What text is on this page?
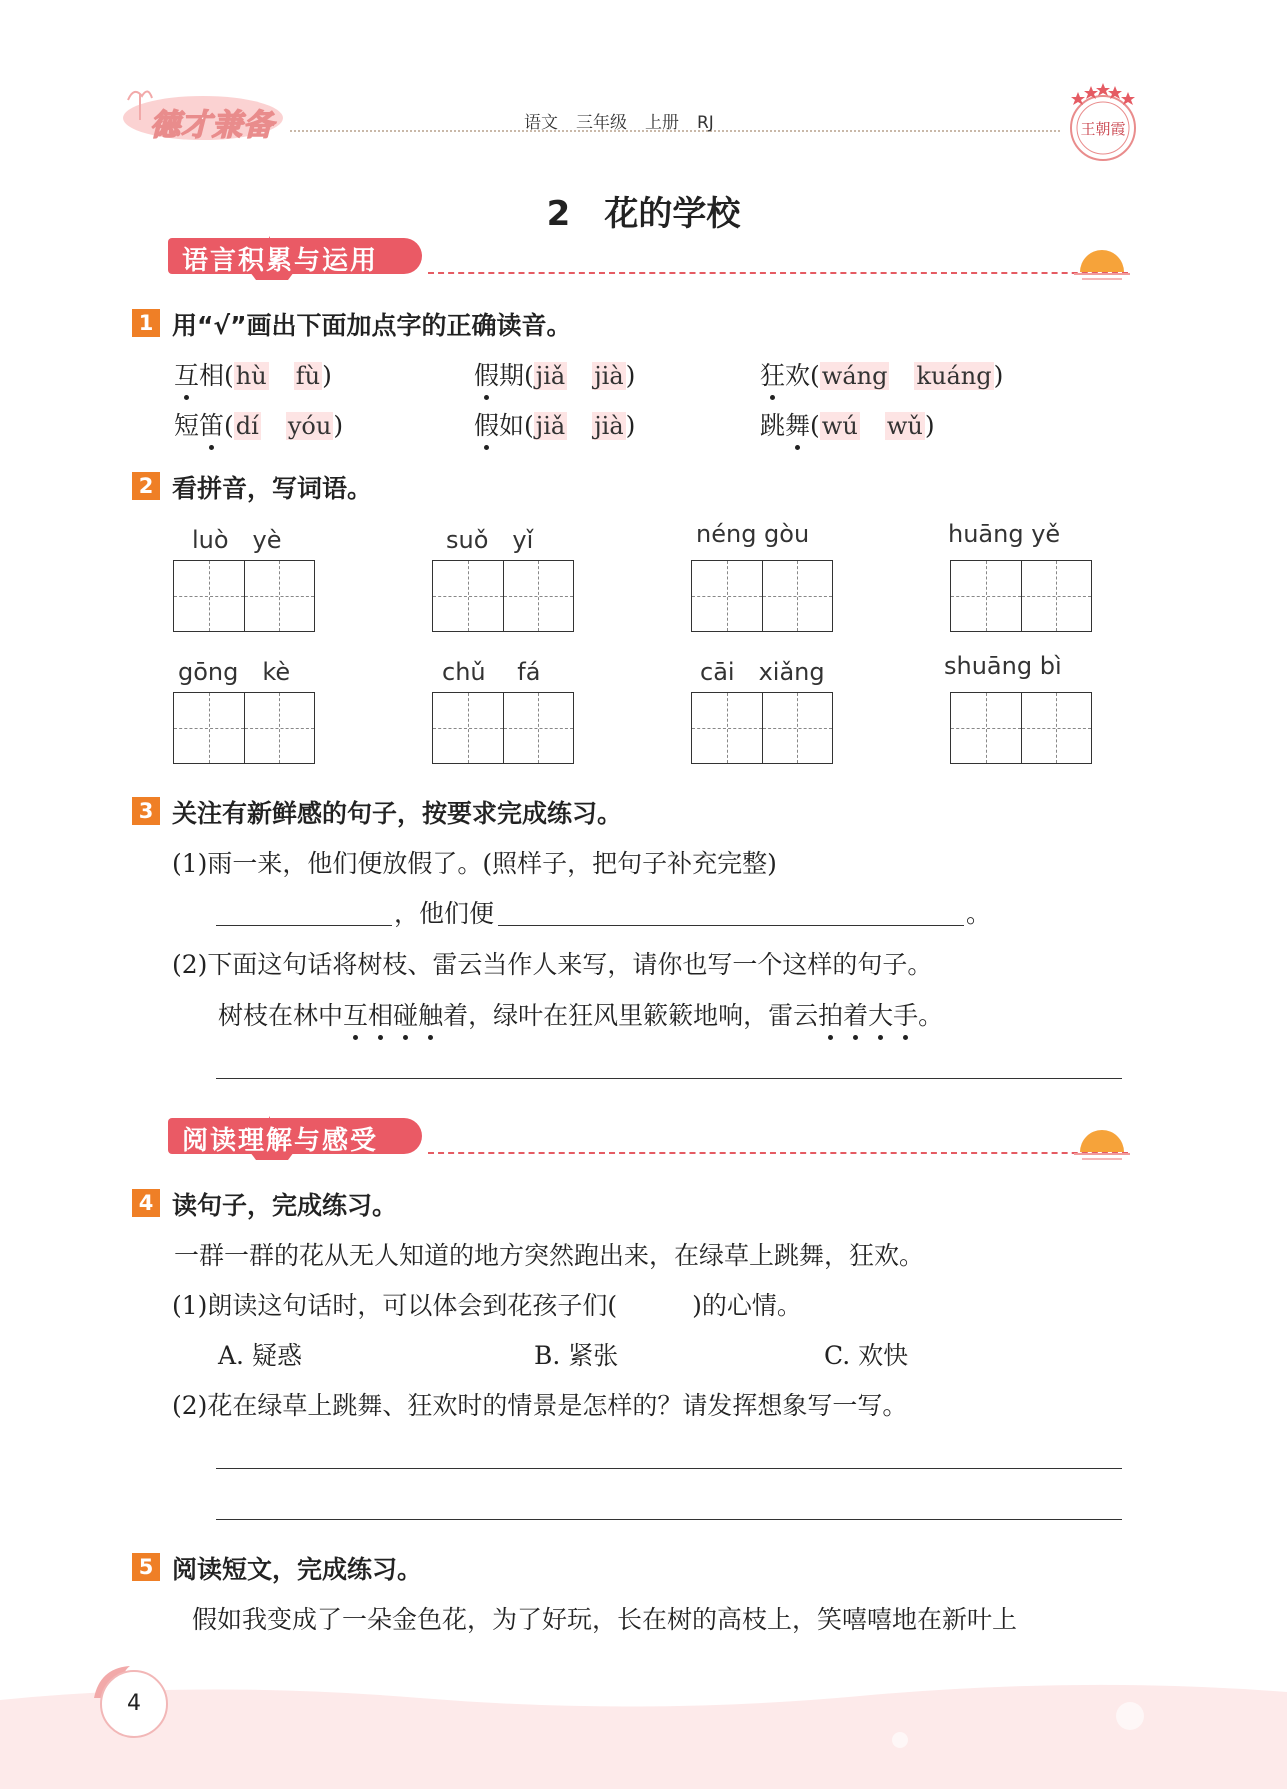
德才兼备	语文 三年级 上册 RJ	王朝霞
2　花的学校
语言积累与运用
1 用“√”画出下面加点字的正确读音。
互相(hù　 fù)	假期(jiǎ　 jià)	狂欢(wáng　 kuáng)
短笛(dí　 yóu)	假如(jiǎ　 jià)	跳舞(wú　 wǔ)
2 看拼音，写词语。
luò　yè	suǒ　yǐ	néng gòu	huāng yě
gōng　kè	chǔ　 fá	cāi　xiǎng	shuāng bì
3 关注有新鲜感的句子，按要求完成练习。
(1)雨一来，他们便放假了。(照样子，把句子补充完整)
，他们便	。
(2)下面这句话将树枝、雷云当作人来写，请你也写一个这样的句子。
树枝在林中互相碰触着，绿叶在狂风里簌簌地响，雷云拍着大手。
阅读理解与感受
4 读句子，完成练习。
一群一群的花从无人知道的地方突然跑出来，在绿草上跳舞，狂欢。
(1)朗读这句话时，可以体会到花孩子们(　　　)的心情。
A. 疑惑	B. 紧张	C. 欢快
(2)花在绿草上跳舞、狂欢时的情景是怎样的？请发挥想象写一写。
5 阅读短文，完成练习。
假如我变成了一朵金色花，为了好玩，长在树的高枝上，笑嘻嘻地在新叶上
4
